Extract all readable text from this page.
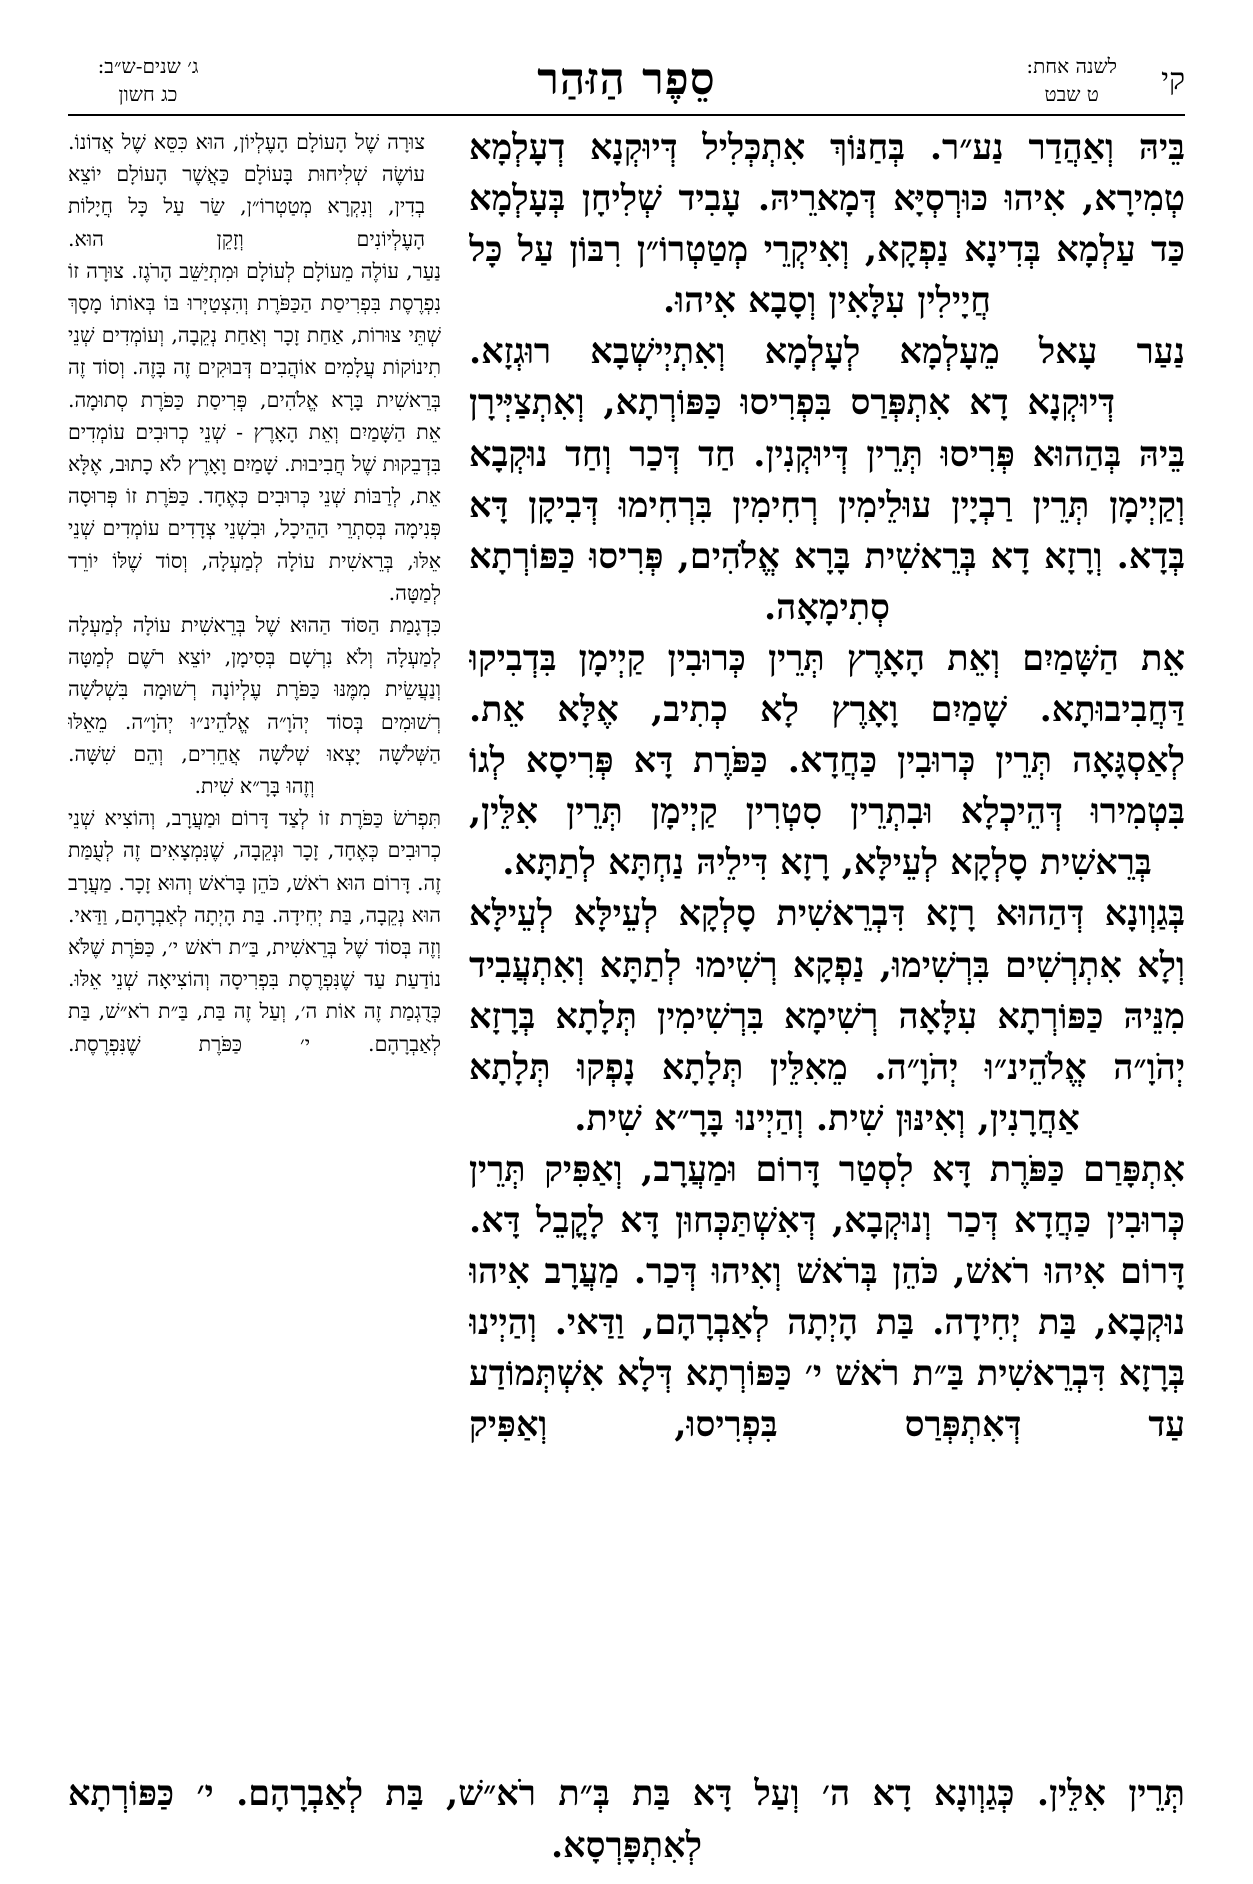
קי
לשנה אחת:
ט שבט
סֵפֶר הַזּהַר
ג׳ שנים-ש״ב:
כג חשון

בֵּיהּ וְאַהֲדַר נַע״ר. בְּחַנּוֹךְ אִתְכְּלִיל דְּיוּקְנָא דְעָלְמָא טְמִירָא, אִיהוּ כּוּרְסְיָּא דְּמָארֵיהּ. עָבִיד שְׁלִיחָן בְּעָלְמָא כַּד עַלְמָא בְּדִינָא נַפְקָא, וְאִיקְרֵי מְטַטְרוֹ״ן רִבּוֹן עַל כָּל חֲיָילִין עִלָּאִין וְסָבָא אִיהוּ.

נַעַר עָאל מֵעָלְמָא לְעָלְמָא וְאִתְיְישְׁבָא רוּגְזָא.

דְּיוּקְנָא דָא אִתְפְּרַס בִּפְרִיסוּ כַּפּוֹרְתָא, וְאִתְצַיְּירָן בֵּיהּ בְּהַהוּא פְּרִיסוּ תְּרֵין דְּיוּקְנִין. חַד דְּכַר וְחַד נוּקְבָא וְקַיְימָן תְּרֵין רַבְיָין עוּלֵימִין רְחִימִין בִּרְחִימוּ דְּבִיקָן דָּא בְּדָא. וְרָזָא דָא בְּרֵאשִׁית בָּרָא אֱלֹהִים, פְּרִיסוּ כַּפּוֹרְתָא סְתִימָאָה.

אֵת הַשָּׁמַיִם וְאֵת הָאָרֶץ תְּרֵין כְּרוּבִין קַיְימָן בִּדְבִיקוּ דַּחֲבִיבוּתָא. שָׁמַיִם וָאָרֶץ לָא כְתִיב, אֶלָּא אֵת. לְאַסְגָּאָה תְּרֵין כְּרוּבִין כַּחֲדָא. כַּפֹּרֶת דָּא פְּרִיסָא לְגוֹ בִּטְמִירוּ דְּהֵיכְלָא וּבִתְרֵין סִטְרִין קַיְימָן תְּרֵין אִלֵּין, בְּרֵאשִׁית סָלְקָא לְעֵילָּא, רָזָא דִּילֵיהּ נַחְתָּא לְתַתָּא.

בְּגַוְונָא דְּהַהוּא רָזָא דִּבְרֵאשִׁית סָלְקָא לְעֵילָּא לְעֵילָּא וְלָא אִתְרְשִׁים בִּרְשִׁימוּ, נַפְקָא רְשִׁימוּ לְתַתָּא וְאִתְעֲבִיד מִנֵּיהּ כַּפּוֹרְתָא עִלָּאָה רְשִׁימָא בִּרְשִׁימִין תְּלָתָא בְּרָזָא יְהֹוָ״ה אֱלֹהֵינ״וּ יְהֹוָ״ה. מֵאִלֵּין תְּלָתָא נָפְקוּ תְּלָתָא אַחֲרָנִין, וְאִינּוּן שִׁית. וְהַיְינוּ בָּרָ״א שִׁית.

אִתְפָּרַם כַּפֹּרֶת דָּא לִסְטַר דָּרוֹם וּמַעֲרָב, וְאַפִּיק תְּרֵין כְּרוּבִין כַּחֲדָא דְּכַר וְנוּקְבָא, דְּאִשְׁתַּכְּחוּן דָּא לָקֳבֵל דָּא. דָּרוֹם אִיהוּ רֹאשׁ, כֹּהֵן בְּרֹאשׁ וְאִיהוּ דְּכַר. מַעֲרָב אִיהוּ נוּקְבָא, בַּת יְחִידָה. בַּת הָיְתָה לְאַבְרָהָם, וַדַּאי. וְהַיְינוּ בְּרָזָא דִּבְרֵאשִׁית בַּ״ת רֹאשׁ י׳ כַּפּוֹרְתָא דְּלָא אִשְׁתְּמוֹדַע עַד דְּאִתְפְּרַס בִּפְרִיסוּ, וְאַפִּיק

צוּרָה שֶׁל הָעוֹלָם הָעֶלְיוֹן, הוּא כִּסֵּא שֶׁל אֲדוֹנוֹ. עוֹשֶׂה שְׁלִיחוּת בָּעוֹלָם כַּאֲשֶׁר הָעוֹלָם יוֹצֵא בְדִין, וְנִקְרָא מְטַטְרוֹ״ן, שַׂר עַל כָּל חֲיָלוֹת הָעֶלְיוֹנִים וְזָקֵן הוּא.

נַעַר, עוֹלֶה מֵעוֹלָם לְעוֹלָם וּמִתְיַשֵּׁב הָרֹגֶז. צוּרָה זוֹ נִפְרֶסֶת בִּפְרִיסַת הַכַּפֹּרֶת וְהִצְטַיְּרוּ בּוֹ בְּאוֹתוֹ מָסָךְ שְׁתֵּי צוּרוֹת, אַחַת זָכָר וְאַחַת נְקֵבָה, וְעוֹמְדִים שְׁנֵי תִינוֹקוֹת עֲלָמִים אוֹהֲבִים דְּבוּקִים זֶה בָּזֶה. וְסוֹד זֶה בְּרֵאשִׁית בָּרָא אֱלֹהִים, פְּרִיסַת כַּפֹּרֶת סְתוּמָה.

אֵת הַשָּׁמַיִם וְאֵת הָאָרֶץ - שְׁנֵי כְרוּבִים עוֹמְדִים בִּדְבֵקוּת שֶׁל חֲבִיבוּת. שָׁמַיִם וָאָרֶץ לֹא כָתוּב, אֶלָּא אֵת, לְרַבּוֹת שְׁנֵי כְּרוּבִים כְּאֶחָד. כַּפֹּרֶת זוֹ פְּרוּסָה פְּנִימָה בְּסִתְרֵי הַהֵיכָל, וּבִשְׁנֵי צְדָדִים עוֹמְדִים שְׁנֵי אֵלּוּ, בְּרֵאשִׁית עוֹלָה לְמַעְלָה, וְסוֹד שֶׁלּוֹ יוֹרֵד לְמַטָּה.

כִּדְגָמַת הַסּוֹד הַהוּא שֶׁל בְּרֵאשִׁית עוֹלָה לְמַעְלָה לְמַעְלָה וְלֹא נִרְשָׁם בְּסִימָן, יוֹצֵא רֹשֶׁם לְמַטָּה וְנַעֲשֵׂית מִמֶּנּוּ כַּפֹּרֶת עֶלְיוֹנָה רְשׁוּמָה בִּשְׁלֹשָׁה רְשׁוּמִים בְּסוֹד יְהֹוָ״ה אֱלֹהֵינ״וּ יְהֹוָ״ה. מֵאֵלּוּ הַשְּׁלֹשָׁה יָצְאוּ שְׁלֹשָׁה אֲחֵרִים, וְהֵם שִׁשָּׁה.

וְזֶהוּ בָּרָ״א שִׁית.

תִּפְרֹשׂ כַּפֹּרֶת זוֹ לְצַד דָּרוֹם וּמַעֲרָב, וְהוֹצִיא שְׁנֵי כְרוּבִים כְּאֶחָד, זָכָר וּנְקֵבָה, שֶׁנִּמְצָאִים זֶה לְעֻמַּת זֶה. דָּרוֹם הוּא רֹאשׁ, כֹּהֵן בָּרֹאשׁ וְהוּא זָכָר. מַעֲרָב הוּא נְקֵבָה, בַּת יְחִידָה. בַּת הָיְתָה לְאַבְרָהָם, וַדַּאי. וְזֶה בְּסוֹד שֶׁל בְּרֵאשִׁית, בַּ״ת רֹאשׁ י׳, כַּפֹּרֶת שֶׁלֹּא נוֹדַעַת עַד שֶׁנִּפְרֶסֶת בִּפְרִיסָה וְהוֹצִיאָה שְׁנֵי אֵלּוּ. כְּדֻגְמַת זֶה אוֹת ה׳, וְעַל זֶה בַּת, בַּ״ת רֹא״שׁ, בַּת לְאַבְרָהָם. י׳ כַּפֹּרֶת שֶׁנִּפְרֶסֶת.

תְּרֵין אִלֵּין. כְּגַוְונָא דָא ה׳ וְעַל דָּא בַּת בְּ״ת רֹא״שׁ, בַּת לְאַבְרָהָם. י׳ כַּפּוֹרְתָא לְאִתְפָּרְסָא.
